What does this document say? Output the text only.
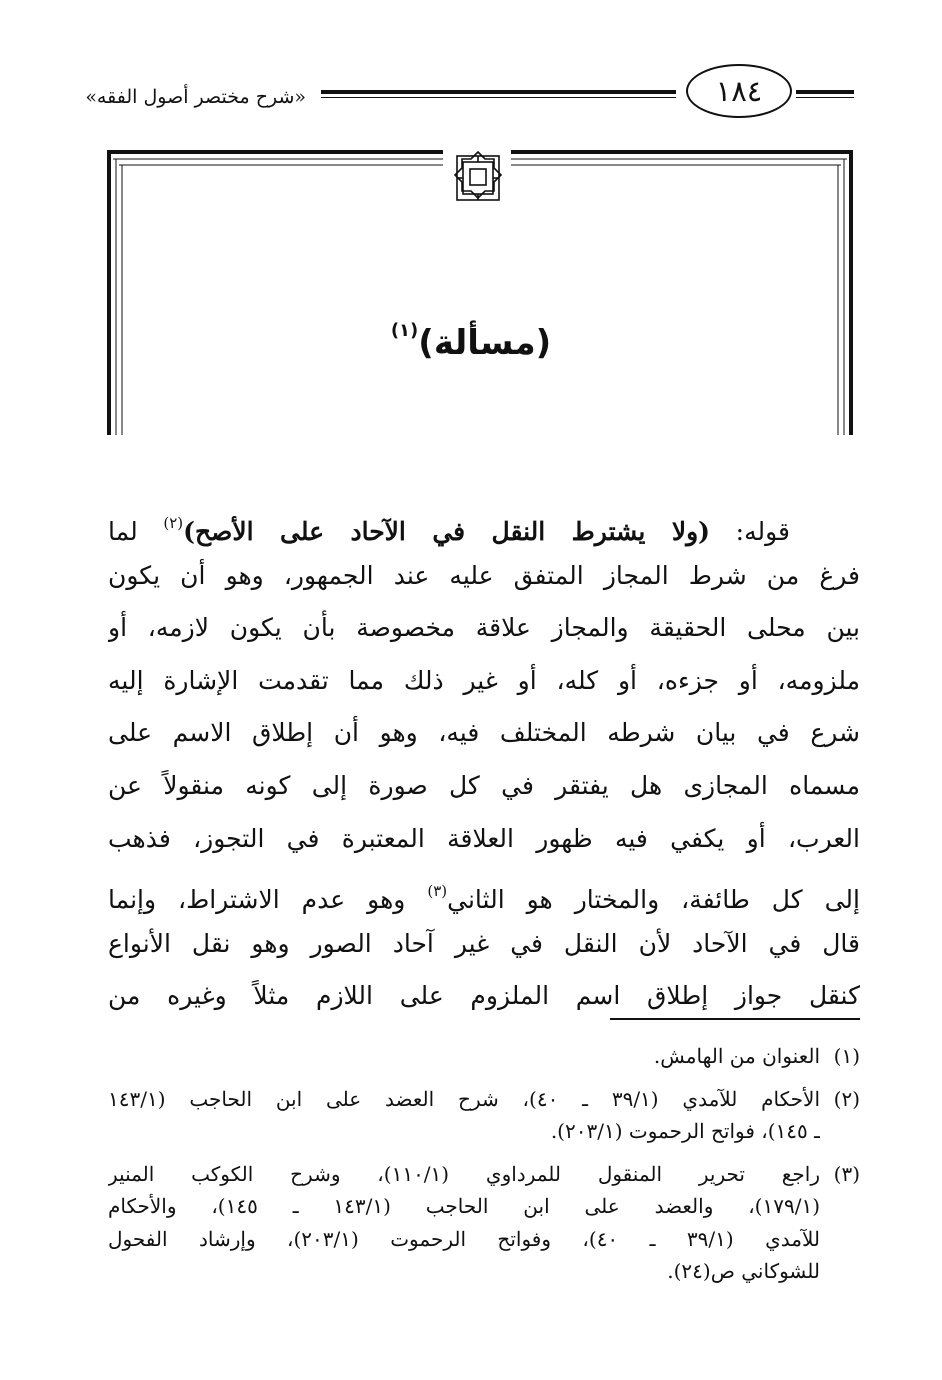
«شرح مختصر أصول الفقه»	١٨٤
(مسألة)$^{(١)}$
قوله: (ولا يشترط النقل في الآحاد على الأصح)$^{(٢)}$ لما
فرغ من شرط المجاز المتفق عليه عند الجمهور، وهو أن يكون
بين محلى الحقيقة والمجاز علاقة مخصوصة بأن يكون لازمه، أو
ملزومه، أو جزءه، أو كله، أو غير ذلك مما تقدمت الإشارة إليه
شرع في بيان شرطه المختلف فيه، وهو أن إطلاق الاسم على
مسماه المجازى هل يفتقر في كل صورة إلى كونه منقولاً عن
العرب، أو يكفي فيه ظهور العلاقة المعتبرة في التجوز، فذهب
إلى كل طائفة، والمختار هو الثاني$^{(٣)}$ وهو عدم الاشتراط، وإنما
قال في الآحاد لأن النقل في غير آحاد الصور وهو نقل الأنواع
كنقل جواز إطلاق اسم الملزوم على اللازم مثلاً وغيره من
(١)
العنوان من الهامش.
(٢)
الأحكام للآمدي (٣٩/١ ـ ٤٠)، شرح العضد على ابن الحاجب (١٤٣/١
ـ ١٤٥)، فواتح الرحموت (٢٠٣/١).
(٣)
راجع تحرير المنقول للمرداوي (١١٠/١)، وشرح الكوكب المنير
(١٧٩/١)، والعضد على ابن الحاجب (١٤٣/١ ـ ١٤٥)، والأحكام
للآمدي (٣٩/١ ـ ٤٠)، وفواتح الرحموت (٢٠٣/١)، وإرشاد الفحول
للشوكاني ص(٢٤).
